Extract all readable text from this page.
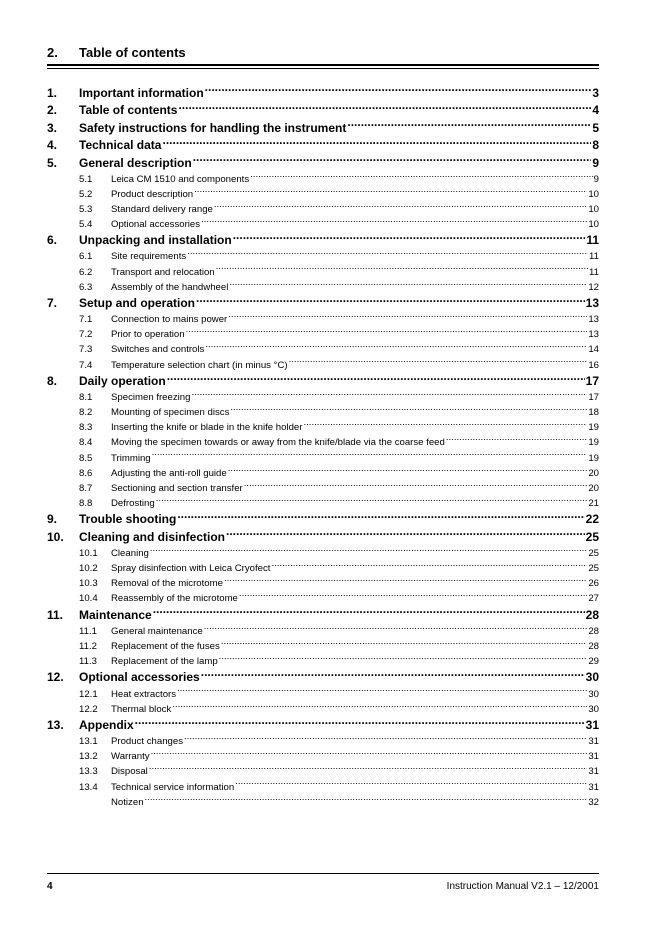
2. Table of contents
1.	Important information .....	3
2.	Table of contents .....	4
3.	Safety instructions for handling the instrument .....	5
4.	Technical data .....	8
5.	General description .....	9
5.1	Leica CM 1510 and components .....	9
5.2	Product description .....	10
5.3	Standard delivery range .....	10
5.4	Optional accessories .....	10
6.	Unpacking and installation .....	11
6.1	Site requirements .....	11
6.2	Transport and relocation .....	11
6.3	Assembly of the handwheel .....	12
7.	Setup and operation .....	13
7.1	Connection to mains power .....	13
7.2	Prior to operation .....	13
7.3	Switches and controls .....	14
7.4	Temperature selection chart (in minus °C) .....	16
8.	Daily operation .....	17
8.1	Specimen freezing .....	17
8.2	Mounting of specimen discs .....	18
8.3	Inserting the knife or blade in the knife holder .....	19
8.4	Moving the specimen towards or away from the knife/blade via the coarse feed .....	19
8.5	Trimming .....	19
8.6	Adjusting the anti-roll guide .....	20
8.7	Sectioning and section transfer .....	20
8.8	Defrosting .....	21
9.	Trouble shooting .....	22
10.	Cleaning and disinfection .....	25
10.1	Cleaning .....	25
10.2	Spray disinfection with Leica Cryofect .....	25
10.3	Removal of the microtome .....	26
10.4	Reassembly of the microtome .....	27
11.	Maintenance .....	28
11.1	General maintenance .....	28
11.2	Replacement of the fuses .....	28
11.3	Replacement of the lamp .....	29
12.	Optional accessories .....	30
12.1	Heat extractors .....	30
12.2	Thermal block .....	30
13.	Appendix .....	31
13.1	Product changes .....	31
13.2	Warranty .....	31
13.3	Disposal .....	31
13.4	Technical service information .....	31
Notizen .....	32
4	Instruction Manual V2.1 – 12/2001
